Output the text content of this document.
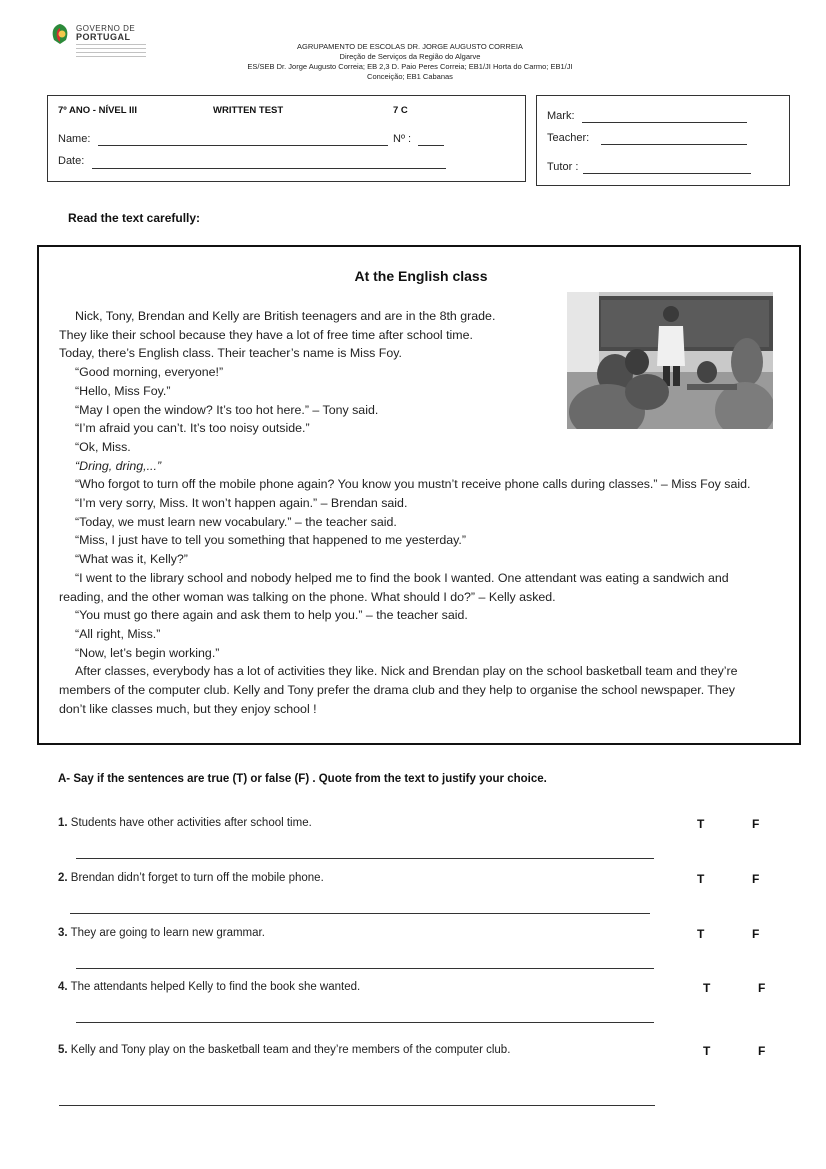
GOVERNO DE
PORTUGAL
AGRUPAMENTO DE ESCOLAS DR. JORGE AUGUSTO CORREIA
Direção de Serviços da Região do Algarve
ES/SEB Dr. Jorge Augusto Correia; EB 2,3 D. Paio Peres Correia; EB1/JI Horta do Carmo; EB1/JI
Conceição; EB1 Cabanas
7º ANO - NÍVEL III	WRITTEN TEST	7 C
Name:	Nº :
Date:
Mark:
Teacher:
Tutor :
Read the text carefully:
At the English class

Nick, Tony, Brendan and Kelly are British teenagers and are in the 8th grade.

They like their school because they have a lot of free time after school time.

Today, there’s English class. Their teacher’s name is Miss Foy.

“Good morning, everyone!”

“Hello, Miss Foy.”

“May I open the window? It’s too hot here.” – Tony said.

“I’m afraid you can’t. It’s too noisy outside.”

“Ok, Miss.

“Dring, dring,...”

“Who forgot to turn off the mobile phone again? You know you mustn’t receive phone calls during classes.” – Miss Foy said.

“I’m very sorry, Miss. It won’t happen again.” – Brendan said.

“Today, we must learn new vocabulary.” – the teacher said.

“Miss, I just have to tell you something that happened to me yesterday.”

“What was it, Kelly?”

“I went to the library school and nobody helped me to find the book I wanted. One attendant was eating a sandwich and reading, and the other woman was talking on the phone. What should I do?” – Kelly asked.

“You must go there again and ask them to help you.” – the teacher said.

“All right, Miss.”

“Now, let’s begin working.”

After classes, everybody has a lot of activities they like. Nick and Brendan play on the school basketball team and they’re members of the computer club. Kelly and Tony prefer the drama club and they help to organise the school newspaper. They don’t like classes much, but they enjoy school !

A- Say if the sentences are true (T) or false (F) . Quote from the text to justify your choice.
1. Students have other activities after school time.	T	F
2. Brendan didn’t forget to turn off the mobile phone.	T	F
3. They are going to learn new grammar.	T	F
4. The attendants helped Kelly to find the book she wanted.	T	F
5. Kelly and Tony play on the basketball team and they’re members of the computer club.	T	F
